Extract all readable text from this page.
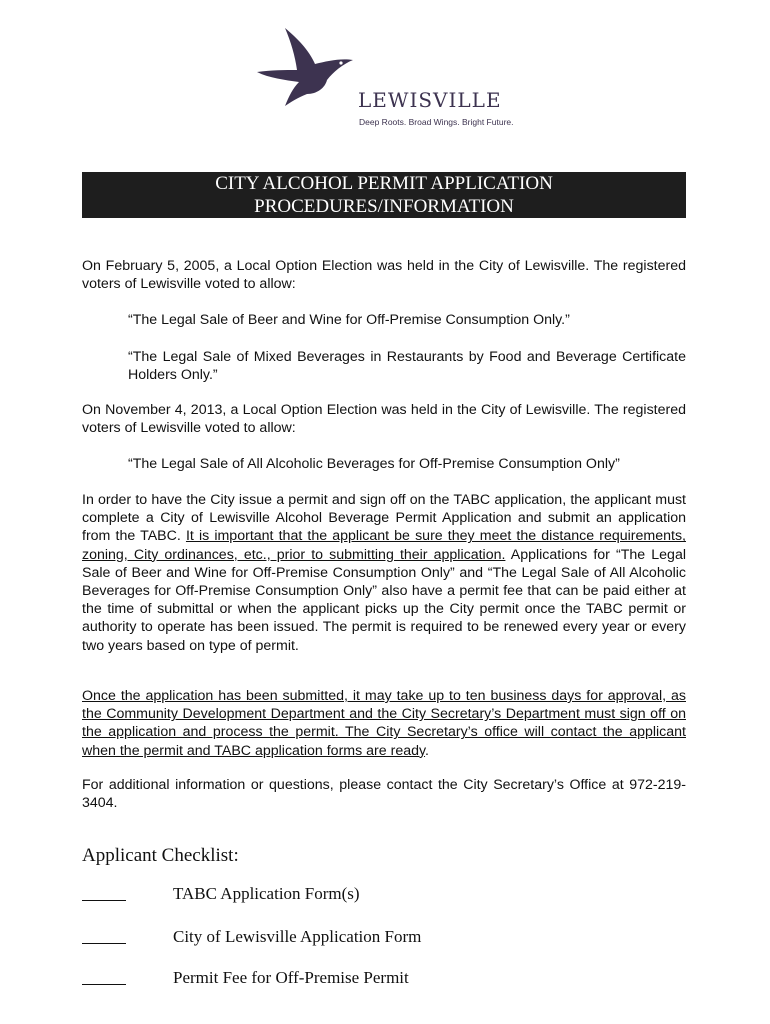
LEWISVILLE
Deep Roots. Broad Wings. Bright Future.
CITY ALCOHOL PERMIT APPLICATION
PROCEDURES/INFORMATION
On February 5, 2005, a Local Option Election was held in the City of Lewisville. The registered voters of Lewisville voted to allow:
“The Legal Sale of Beer and Wine for Off-Premise Consumption Only.”
“The Legal Sale of Mixed Beverages in Restaurants by Food and Beverage Certificate Holders Only.”
On November 4, 2013, a Local Option Election was held in the City of Lewisville. The registered voters of Lewisville voted to allow:
“The Legal Sale of All Alcoholic Beverages for Off-Premise Consumption Only”
In order to have the City issue a permit and sign off on the TABC application, the applicant must complete a City of Lewisville Alcohol Beverage Permit Application and submit an application from the TABC. It is important that the applicant be sure they meet the distance requirements, zoning, City ordinances, etc., prior to submitting their application. Applications for “The Legal Sale of Beer and Wine for Off-Premise Consumption Only” and “The Legal Sale of All Alcoholic Beverages for Off-Premise Consumption Only” also have a permit fee that can be paid either at the time of submittal or when the applicant picks up the City permit once the TABC permit or authority to operate has been issued. The permit is required to be renewed every year or every two years based on type of permit.
Once the application has been submitted, it may take up to ten business days for approval, as the Community Development Department and the City Secretary’s Department must sign off on the application and process the permit. The City Secretary’s office will contact the applicant when the permit and TABC application forms are ready.
For additional information or questions, please contact the City Secretary’s Office at 972-219-3404.
Applicant Checklist:
TABC Application Form(s)
City of Lewisville Application Form
Permit Fee for Off-Premise Permit
